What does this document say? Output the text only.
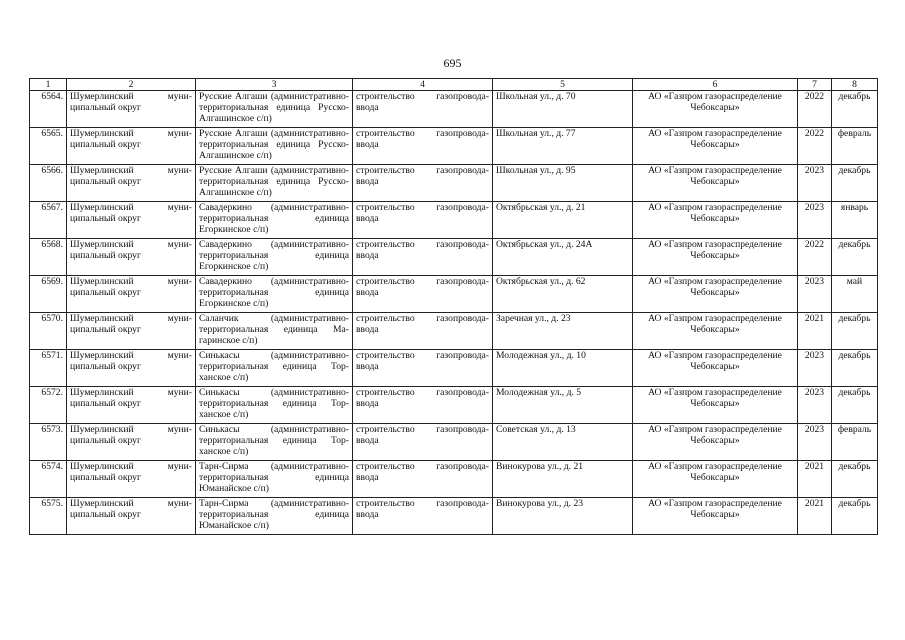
695
1	2	3	4	5	6	7	8
6564.	Шумерлинский муни-ципальный округ	Русские Алгаши (административно-территориальная единица Русско-Алгашинское с/п)	строительство газопровода-ввода	Школьная ул., д. 70	АО «Газпром газораспределение Чебоксары»	2022	декабрь
6565.	Шумерлинский муни-ципальный округ	Русские Алгаши (административно-территориальная единица Русско-Алгашинское с/п)	строительство газопровода-ввода	Школьная ул., д. 77	АО «Газпром газораспределение Чебоксары»	2022	февраль
6566.	Шумерлинский муни-ципальный округ	Русские Алгаши (административно-территориальная единица Русско-Алгашинское с/п)	строительство газопровода-ввода	Школьная ул., д. 95	АО «Газпром газораспределение Чебоксары»	2023	декабрь
6567.	Шумерлинский муни-ципальный округ	Савадеркино (административно-территориальная единица Егоркинское с/п)	строительство газопровода-ввода	Октябрьская ул., д. 21	АО «Газпром газораспределение Чебоксары»	2023	январь
6568.	Шумерлинский муни-ципальный округ	Савадеркино (административно-территориальная единица Егоркинское с/п)	строительство газопровода-ввода	Октябрьская ул., д. 24А	АО «Газпром газораспределение Чебоксары»	2022	декабрь
6569.	Шумерлинский муни-ципальный округ	Савадеркино (административно-территориальная единица Егоркинское с/п)	строительство газопровода-ввода	Октябрьская ул., д. 62	АО «Газпром газораспределение Чебоксары»	2023	май
6570.	Шумерлинский муни-ципальный округ	Саланчик (административно-территориальная единица Ма-гаринское с/п)	строительство газопровода-ввода	Заречная ул., д. 23	АО «Газпром газораспределение Чебоксары»	2021	декабрь
6571.	Шумерлинский муни-ципальный округ	Синькасы (административно-территориальная единица Тор-ханское с/п)	строительство газопровода-ввода	Молодежная ул., д. 10	АО «Газпром газораспределение Чебоксары»	2023	декабрь
6572.	Шумерлинский муни-ципальный округ	Синькасы (административно-территориальная единица Тор-ханское с/п)	строительство газопровода-ввода	Молодежная ул., д. 5	АО «Газпром газораспределение Чебоксары»	2023	декабрь
6573.	Шумерлинский муни-ципальный округ	Синькасы (административно-территориальная единица Тор-ханское с/п)	строительство газопровода-ввода	Советская ул., д. 13	АО «Газпром газораспределение Чебоксары»	2023	февраль
6574.	Шумерлинский муни-ципальный округ	Тарн-Сирма (административно-территориальная единица Юманайское с/п)	строительство газопровода-ввода	Винокурова ул., д. 21	АО «Газпром газораспределение Чебоксары»	2021	декабрь
6575.	Шумерлинский муни-ципальный округ	Тарн-Сирма (административно-территориальная единица Юманайское с/п)	строительство газопровода-ввода	Винокурова ул., д. 23	АО «Газпром газораспределение Чебоксары»	2021	декабрь
